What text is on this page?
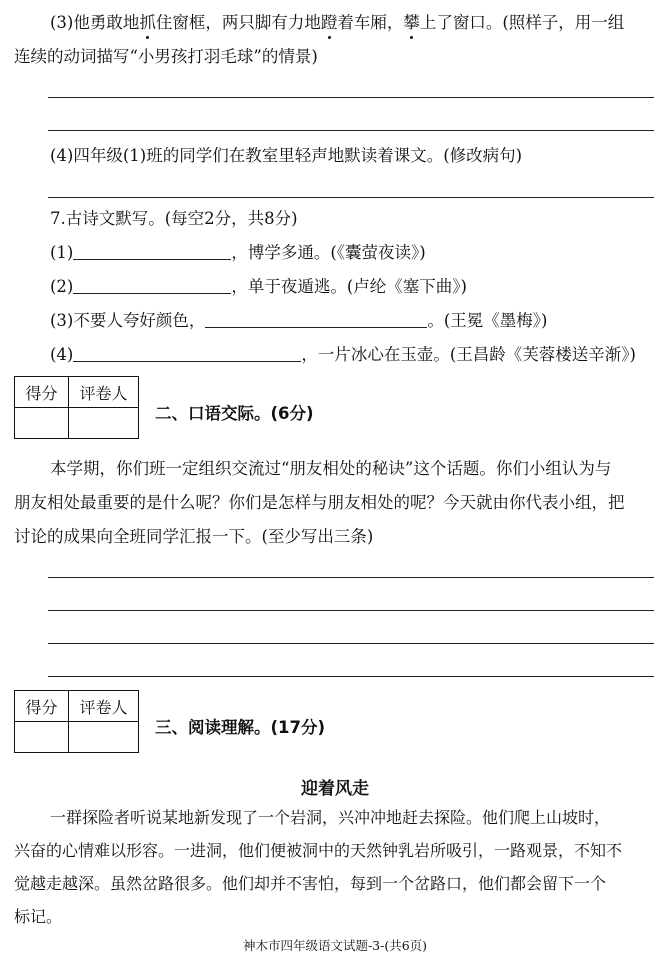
(3)他勇敢地抓住窗框，两只脚有力地蹬着车厢，攀上了窗口。(照样子，用一组
连续的动词描写“小男孩打羽毛球”的情景)
(4)四年级(1)班的同学们在教室里轻声地默读着课文。(修改病句)
7.古诗文默写。(每空2分，共8分)
(1)	，博学多通。(《囊萤夜读》)
(2)	，单于夜遁逃。(卢纶《塞下曲》)
(3)不要人夸好颜色，	。(王冕《墨梅》)
(4)	，一片冰心在玉壶。(王昌龄《芙蓉楼送辛渐》)
得分	评卷人

二、口语交际。(6分)
本学期，你们班一定组织交流过“朋友相处的秘诀”这个话题。你们小组认为与
朋友相处最重要的是什么呢？你们是怎样与朋友相处的呢？今天就由你代表小组，把
讨论的成果向全班同学汇报一下。(至少写出三条)
得分	评卷人

三、阅读理解。(17分)
迎着风走
一群探险者听说某地新发现了一个岩洞，兴冲冲地赶去探险。他们爬上山坡时，
兴奋的心情难以形容。一进洞，他们便被洞中的天然钟乳岩所吸引，一路观景，不知不
觉越走越深。虽然岔路很多。他们却并不害怕，每到一个岔路口，他们都会留下一个
标记。
神木市四年级语文试题-3-(共6页)
